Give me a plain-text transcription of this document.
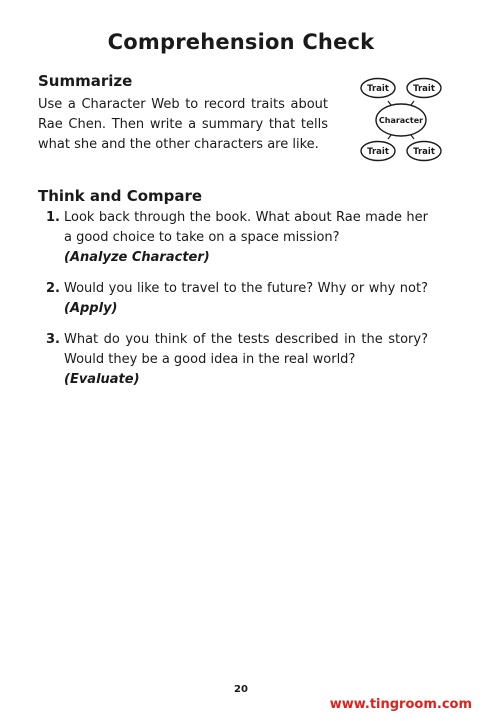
Comprehension Check
Summarize

Use a Character Web to record traits about Rae Chen. Then write a summary that tells what she and the other characters are like.

Trait	Trait
Character
Trait	Trait
Think and Compare
1. Look back through the book. What about Rae made her a good choice to take on a space mission?
(Analyze Character)
2. Would you like to travel to the future? Why or why not? (Apply)
3. What do you think of the tests described in the story? Would they be a good idea in the real world?
(Evaluate)
20
www.tingroom.com
